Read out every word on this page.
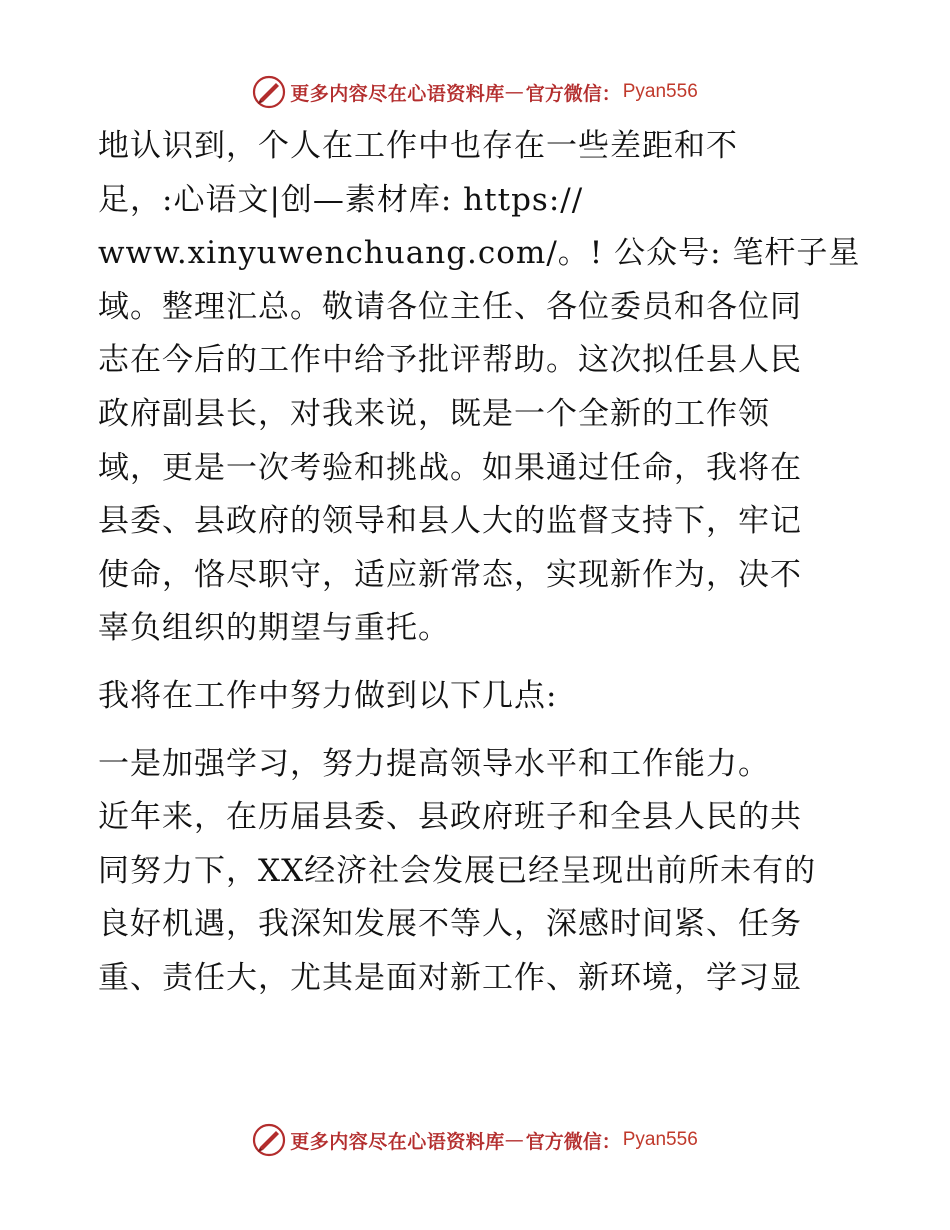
更多内容尽在心语资料库 — 官方微信： Pyan556
地认识到，个人在工作中也存在一些差距和不
足，:心语文|创—素材库: https://
www.xinyuwenchuang.com/。! 公众号: 笔杆子星
域。整理汇总。敬请各位主任、各位委员和各位同
志在今后的工作中给予批评帮助。这次拟任县人民
政府副县长，对我来说，既是一个全新的工作领
域，更是一次考验和挑战。如果通过任命，我将在
县委、县政府的领导和县人大的监督支持下，牢记
使命，恪尽职守，适应新常态，实现新作为，决不
辜负组织的期望与重托。
我将在工作中努力做到以下几点:
一是加强学习，努力提高领导水平和工作能力。
近年来，在历届县委、县政府班子和全县人民的共
同努力下，XX经济社会发展已经呈现出前所未有的
良好机遇，我深知发展不等人，深感时间紧、任务
重、责任大，尤其是面对新工作、新环境，学习显
更多内容尽在心语资料库 — 官方微信： Pyan556
